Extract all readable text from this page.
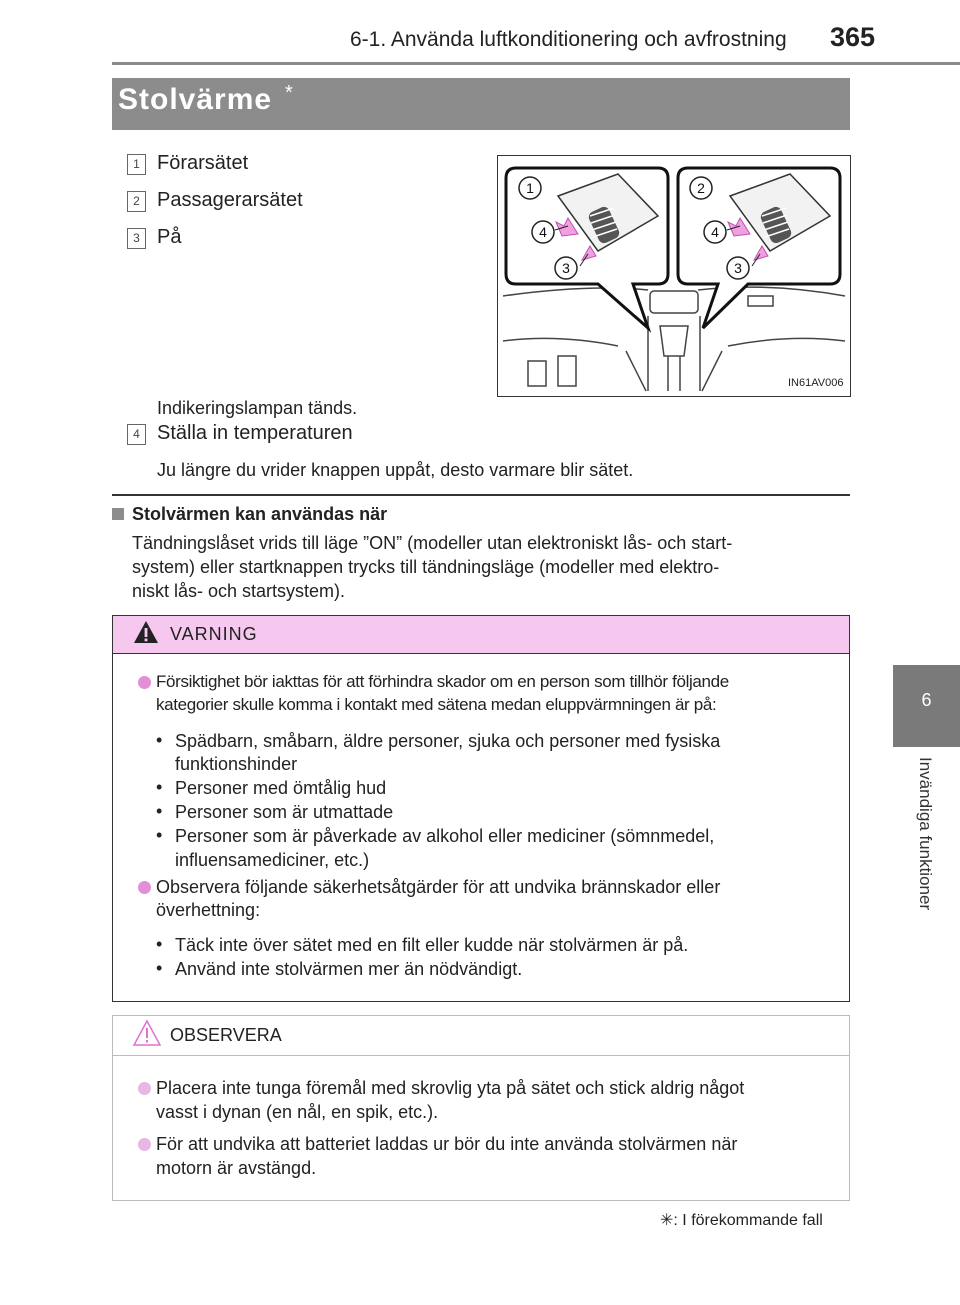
6-1. Använda luftkonditionering och avfrostning 365
6
Invändiga funktioner
Stolvärme *
1 Förarsätet
2 Passagerarsätet
3 På
Indikeringslampan tänds.
4 Ställa in temperaturen
Ju längre du vrider knappen uppåt, desto varmare blir sätet.
1	2
4	4
3	3
IN61AV006
Stolvärmen kan användas när
Tändningslåset vrids till läge ”ON” (modeller utan elektroniskt lås- och start-
system) eller startknappen trycks till tändningsläge (modeller med elektro-
niskt lås- och startsystem).
VARNING
Försiktighet bör iakttas för att förhindra skador om en person som tillhör följande
kategorier skulle komma i kontakt med sätena medan eluppvärmningen är på:
• Spädbarn, småbarn, äldre personer, sjuka och personer med fysiska
funktionshinder
• Personer med ömtålig hud
• Personer som är utmattade
• Personer som är påverkade av alkohol eller mediciner (sömnmedel,
influensamediciner, etc.)
Observera följande säkerhetsåtgärder för att undvika brännskador eller
överhettning:
• Täck inte över sätet med en filt eller kudde när stolvärmen är på.
• Använd inte stolvärmen mer än nödvändigt.
OBSERVERA
Placera inte tunga föremål med skrovlig yta på sätet och stick aldrig något
vasst i dynan (en nål, en spik, etc.).
För att undvika att batteriet laddas ur bör du inte använda stolvärmen när
motorn är avstängd.
✳: I förekommande fall
